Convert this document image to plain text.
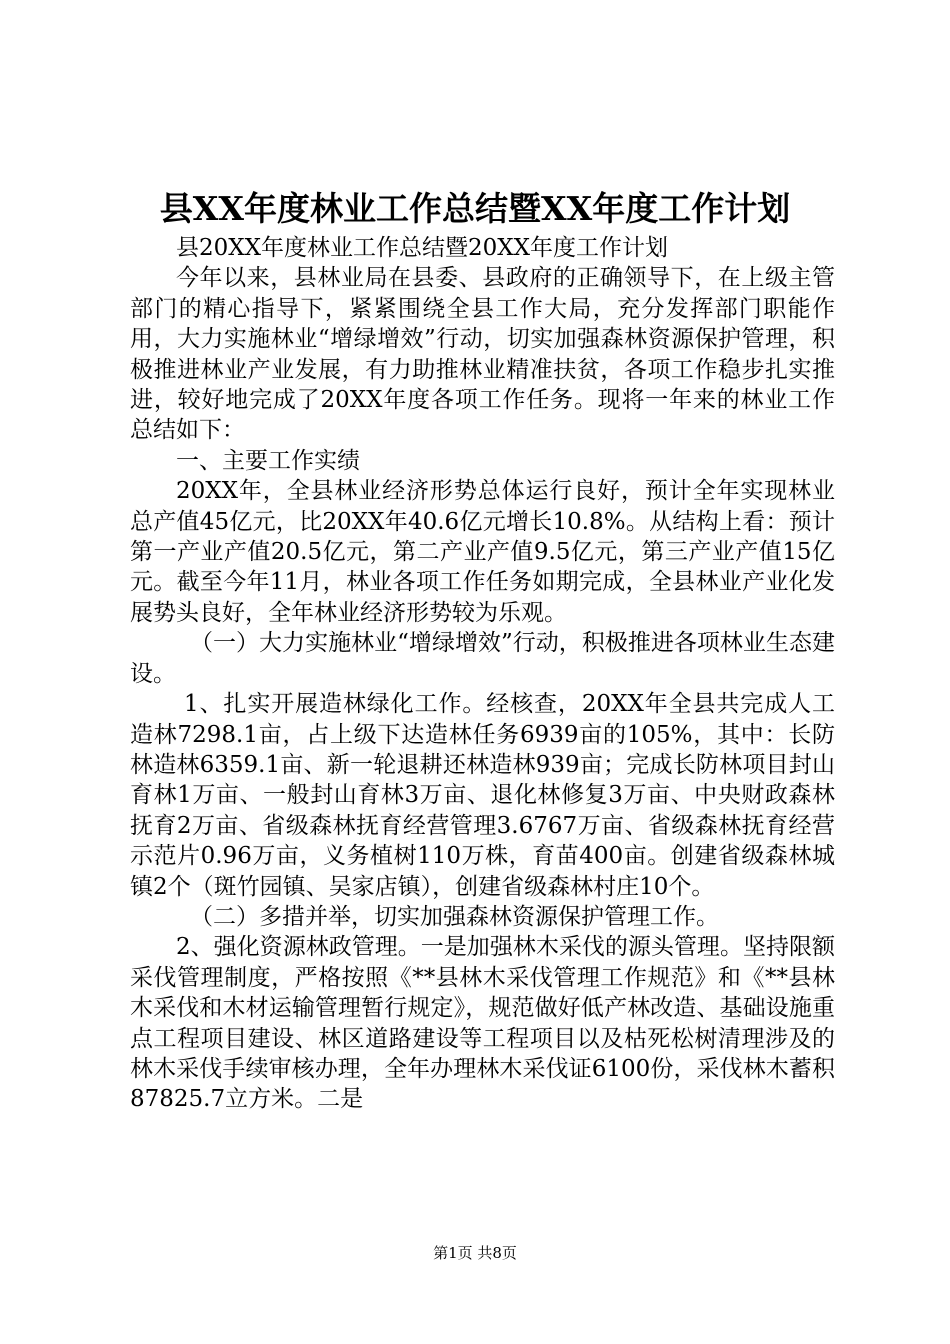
县XX年度林业工作总结暨XX年度工作计划

县20XX年度林业工作总结暨20XX年度工作计划

今年以来，县林业局在县委、县政府的正确领导下，在上级主管部门的精心指导下，紧紧围绕全县工作大局，充分发挥部门职能作用，大力实施林业“增绿增效”行动，切实加强森林资源保护管理，积极推进林业产业发展，有力助推林业精准扶贫，各项工作稳步扎实推进，较好地完成了20XX年度各项工作任务。现将一年来的林业工作总结如下：

一、主要工作实绩

20XX年，全县林业经济形势总体运行良好，预计全年实现林业总产值45亿元，比20XX年40.6亿元增长10.8%。从结构上看：预计第一产业产值20.5亿元，第二产业产值9.5亿元，第三产业产值15亿元。截至今年11月，林业各项工作任务如期完成，全县林业产业化发展势头良好，全年林业经济形势较为乐观。

（一）大力实施林业“增绿增效”行动，积极推进各项林业生态建设。

1、扎实开展造林绿化工作。经核查，20XX年全县共完成人工造林7298.1亩，占上级下达造林任务6939亩的105%，其中：长防林造林6359.1亩、新一轮退耕还林造林939亩；完成长防林项目封山育林1万亩、一般封山育林3万亩、退化林修复3万亩、中央财政森林抚育2万亩、省级森林抚育经营管理3.6767万亩、省级森林抚育经营示范片0.96万亩，义务植树110万株，育苗400亩。创建省级森林城镇2个（斑竹园镇、吴家店镇），创建省级森林村庄10个。

（二）多措并举，切实加强森林资源保护管理工作。

2、强化资源林政管理。一是加强林木采伐的源头管理。坚持限额采伐管理制度，严格按照《**县林木采伐管理工作规范》和《**县林木采伐和木材运输管理暂行规定》，规范做好低产林改造、基础设施重点工程项目建设、林区道路建设等工程项目以及枯死松树清理涉及的林木采伐手续审核办理，全年办理林木采伐证6100份，采伐林木蓄积87825.7立方米。二是

第1页 共8页
